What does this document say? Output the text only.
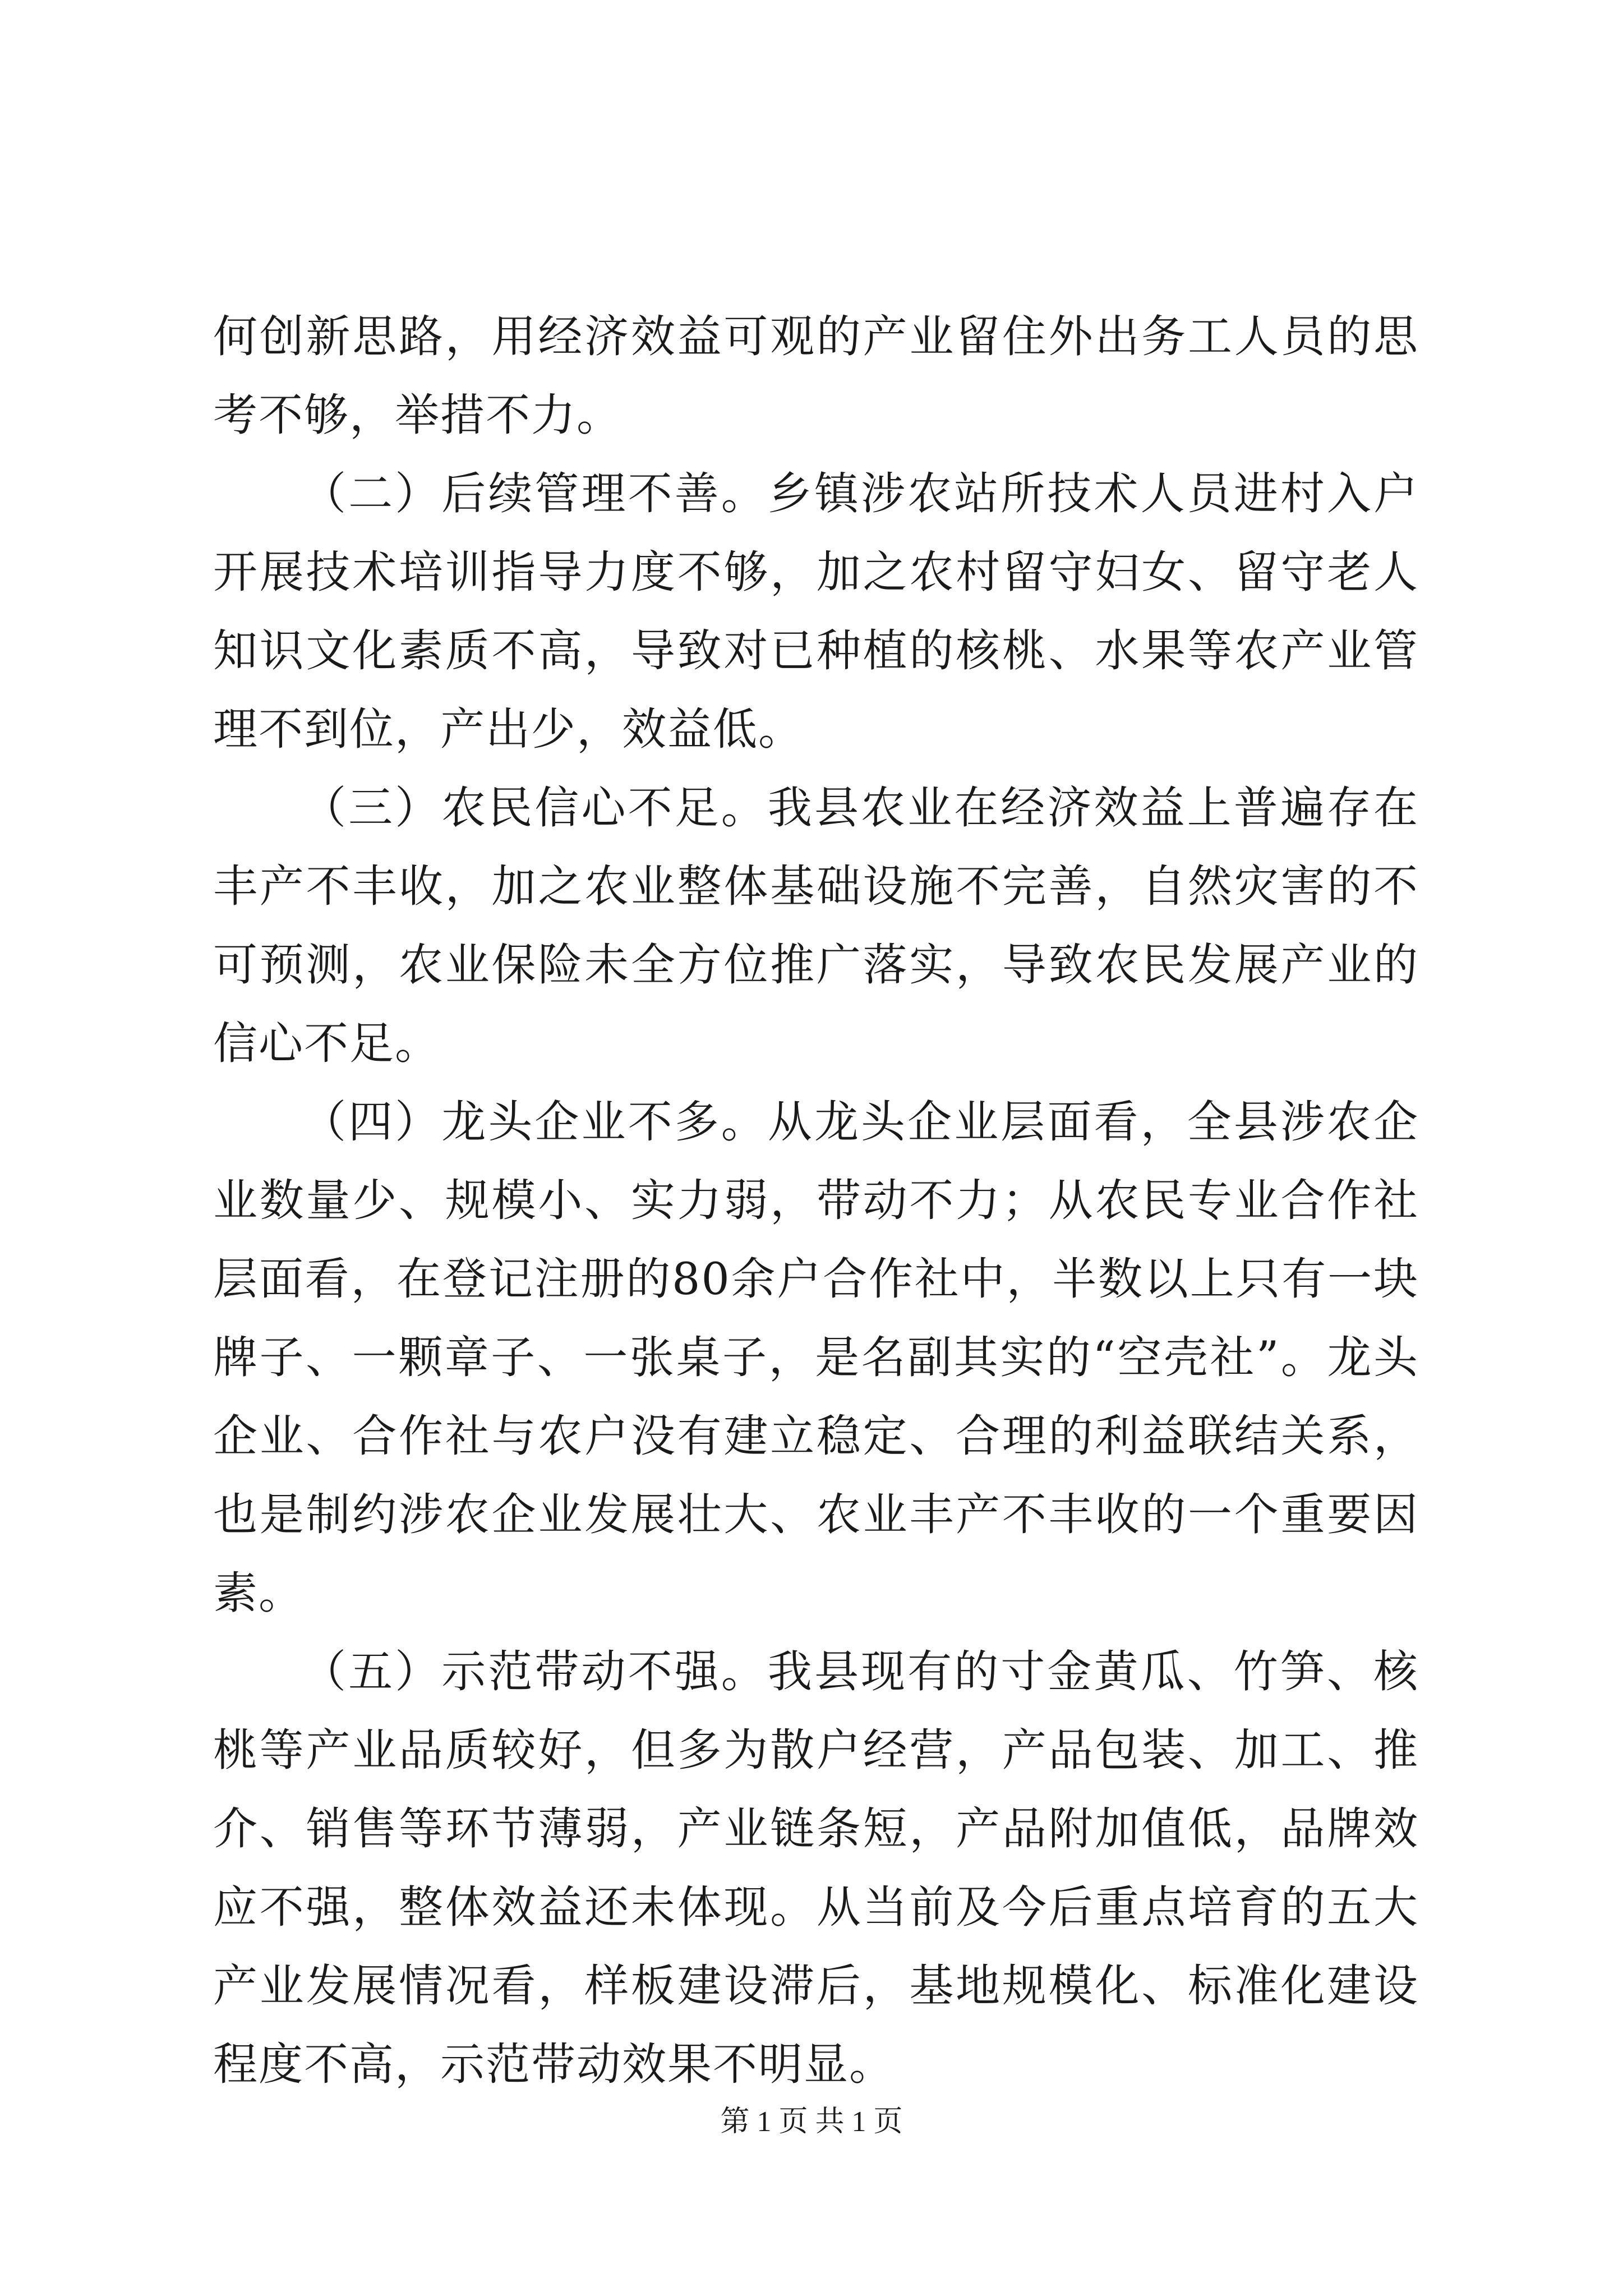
何创新思路，用经济效益可观的产业留住外出务工人员的思考不够，举措不力。

（二）后续管理不善。乡镇涉农站所技术人员进村入户开展技术培训指导力度不够，加之农村留守妇女、留守老人知识文化素质不高，导致对已种植的核桃、水果等农产业管理不到位，产出少，效益低。

（三）农民信心不足。我县农业在经济效益上普遍存在丰产不丰收，加之农业整体基础设施不完善，自然灾害的不可预测，农业保险未全方位推广落实，导致农民发展产业的信心不足。

（四）龙头企业不多。从龙头企业层面看，全县涉农企业数量少、规模小、实力弱，带动不力；从农民专业合作社层面看，在登记注册的80余户合作社中，半数以上只有一块牌子、一颗章子、一张桌子，是名副其实的“空壳社”。龙头企业、合作社与农户没有建立稳定、合理的利益联结关系，也是制约涉农企业发展壮大、农业丰产不丰收的一个重要因素。

（五）示范带动不强。我县现有的寸金黄瓜、竹笋、核桃等产业品质较好，但多为散户经营，产品包装、加工、推介、销售等环节薄弱，产业链条短，产品附加值低，品牌效应不强，整体效益还未体现。从当前及今后重点培育的五大产业发展情况看，样板建设滞后，基地规模化、标准化建设程度不高，示范带动效果不明显。

第 1 页 共 1 页
